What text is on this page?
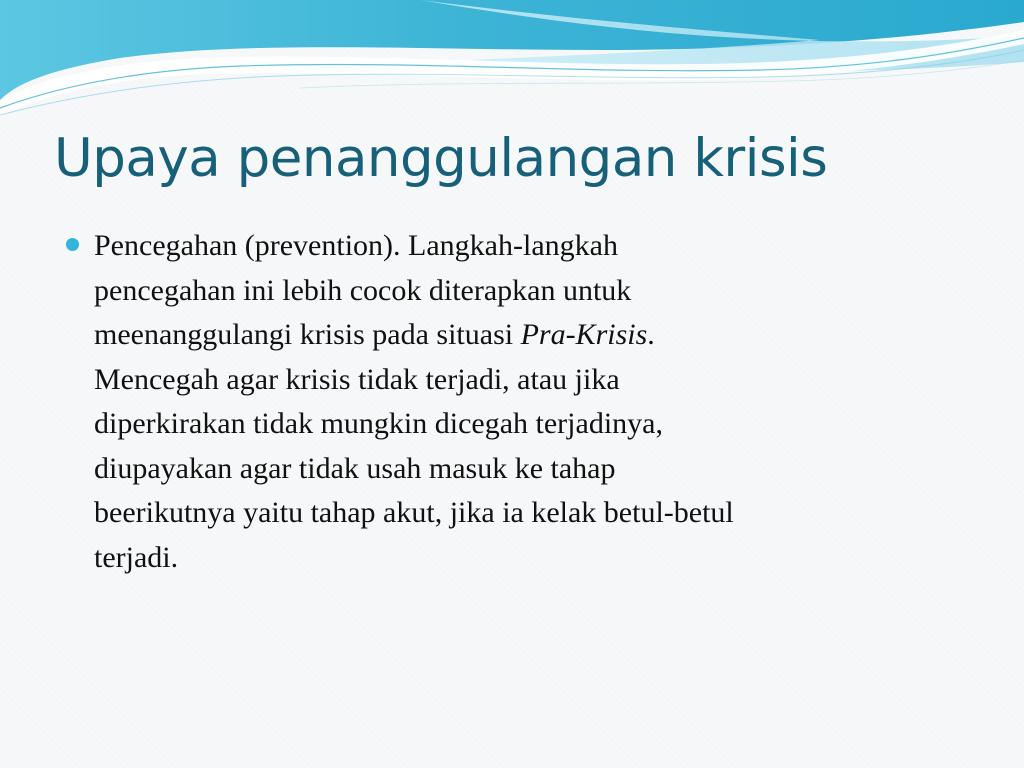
Upaya penanggulangan krisis
Pencegahan (prevention). Langkah-langkah
pencegahan ini lebih cocok diterapkan untuk
meenanggulangi krisis pada situasi Pra-Krisis.
Mencegah agar krisis tidak terjadi, atau jika
diperkirakan tidak mungkin dicegah terjadinya,
diupayakan agar tidak usah masuk ke tahap
beerikutnya yaitu tahap akut, jika ia kelak betul-betul
terjadi.
